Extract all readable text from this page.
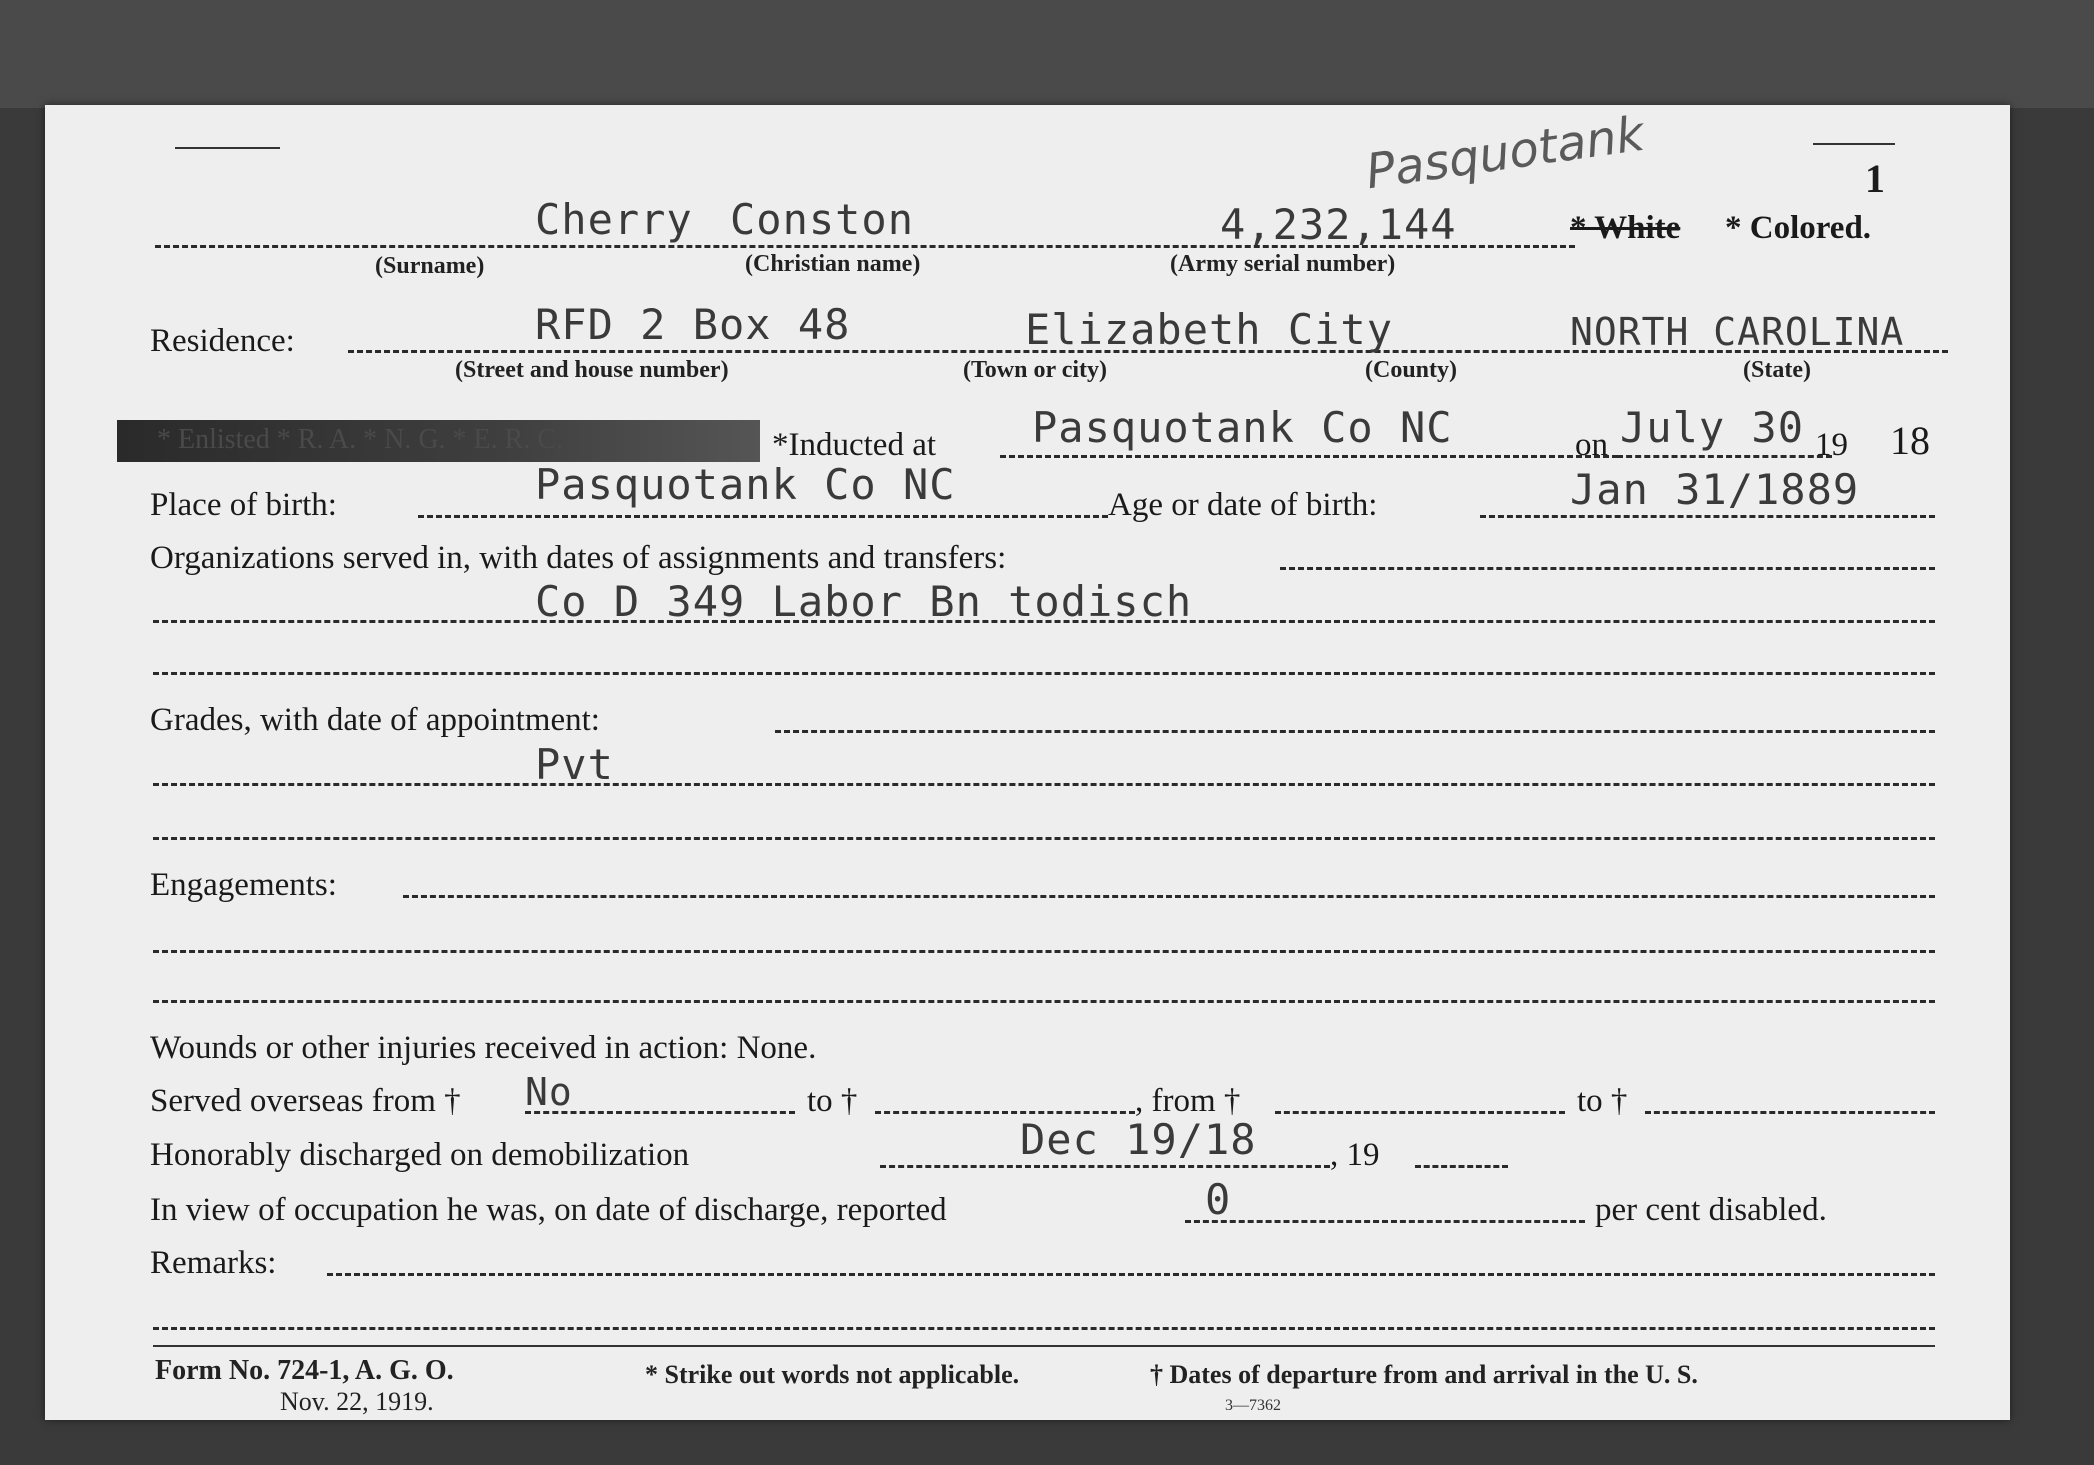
Pasquotank	1
Cherry Conston	4,232,144	* White * Colored.
(Surname)	(Christian name)	(Army serial number)
Residence:	RFD 2 Box 48	Elizabeth City	NORTH CAROLINA
(Street and house number)	(Town or city)	(County)	(State)
* Enlisted * R. A. * N. G. * E. R. C.	*Inducted at Pasquotank Co NC	on July 30 19 18
Place of birth:	Pasquotank Co NC	Age or date of birth:	Jan 31/1889
Organizations served in, with dates of assignments and transfers:
Co D 349 Labor Bn todisch
Grades, with date of appointment:
Pvt
Engagements:
Wounds or other injuries received in action: None.
Served overseas from † No	to †	, from †	to †
Honorably discharged on demobilization	Dec 19/18 , 19
In view of occupation he was, on date of discharge, reported	0	per cent disabled.
Remarks:
Form No. 724-1, A. G. O.
Nov. 22, 1919.
* Strike out words not applicable.	† Dates of departure from and arrival in the U. S.
3—7362
